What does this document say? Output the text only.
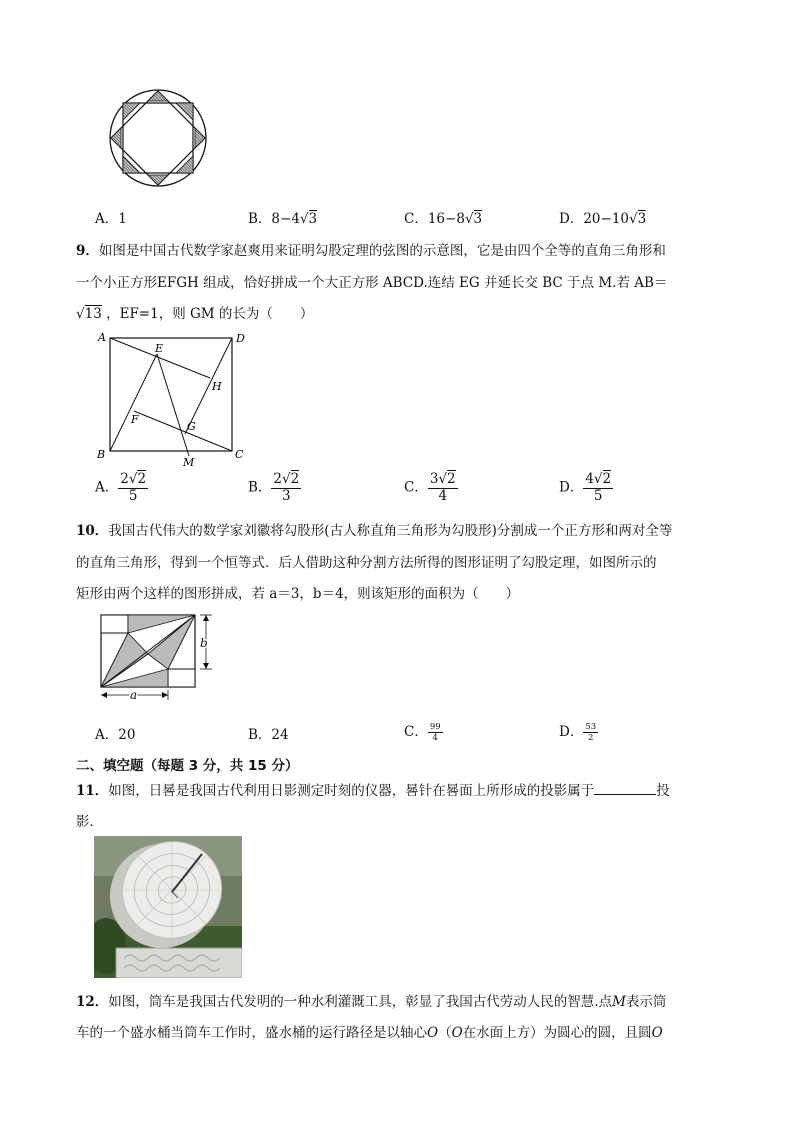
A．1	B．8−4√3	C．16−8√3	D．20−10√3
9．如图是中国古代数学家赵爽用来证明勾股定理的弦图的示意图，它是由四个全等的直角三角形和
一个小正方形EFGH 组成，恰好拼成一个大正方形 ABCD.连结 EG 并延长交 BC 于点 M.若 AB＝
√13 ，EF=1，则 GM 的长为（　　）
A	D
B	C
E
H
F
G
M
A． $\frac{2√2}{5}$	B． $\frac{2√2}{3}$	C． $\frac{3√2}{4}$	D． $\frac{4√2}{5}$
10．我国古代伟大的数学家刘徽将勾股形(古人称直角三角形为勾股形)分割成一个正方形和两对全等
的直角三角形，得到一个恒等式．后人借助这种分割方法所得的图形证明了勾股定理，如图所示的
矩形由两个这样的图形拼成，若 a＝3，b＝4，则该矩形的面积为（　　）
b
a
A．20	B．24	C． $\frac{99}{4}$	D． $\frac{53}{2}$
二、填空题（每题 3 分，共 15 分）
11．如图，日晷是我国古代利用日影测定时刻的仪器，晷针在晷面上所形成的投影属于	投
影．
12．如图，筒车是我国古代发明的一种水利灌溉工具，彰显了我国古代劳动人民的智慧.点M表示筒
车的一个盛水桶当筒车工作时，盛水桶的运行路径是以轴心O（O在水面上方）为圆心的圆，且圆O
